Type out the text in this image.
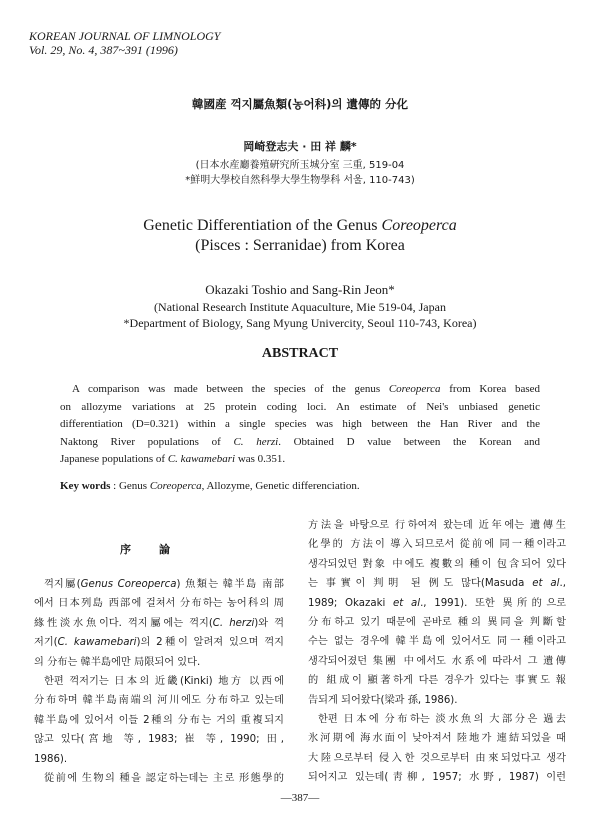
KOREAN JOURNAL OF LIMNOLOGY
Vol. 29, No. 4, 387~391 (1996)
韓國産 꺽지屬魚類(농어科)의 遺傳的 分化
岡崎登志夫 · 田 祥 麟*
(日本水産廳養殖硏究所玉城分室 三重, 519-04
*鮮明大學校自然科學大學生物學科 서울, 110-743)
Genetic Differentiation of the Genus Coreoperca
(Pisces : Serranidae) from Korea
Okazaki Toshio and Sang-Rin Jeon*
(National Research Institute Aquaculture, Mie 519-04, Japan
*Department of Biology, Sang Myung Univercity, Seoul 110-743, Korea)
ABSTRACT
A comparison was made between the species of the genus Coreoperca from Korea based
on allozyme variations at 25 protein coding loci. An estimate of Nei's unbiased genetic
differentiation (D=0.321) within a single species was high between the Han River and the
Naktong River populations of C. herzi. Obtained D value between the Korean and
Japanese populations of C. kawamebari was 0.351.
Key words : Genus Coreoperca, Allozyme, Genetic differenciation.
序論
꺽지屬(Genus Coreoperca) 魚類는 韓半島 南部
에서 日本列島 西部에 걸쳐서 分布하는 농어科의 周
緣性淡水魚이다. 꺽지屬에는 꺽지(C. herzi)와 꺽
저기(C. kawamebari)의 2種이 알려져 있으며 꺽지
의 分布는 韓半島에만 局限되어 있다.
한편 꺽저기는 日本의 近畿(Kinki) 地方 以西에
分布하며 韓半島南端의 河川에도 分布하고 있는데
韓半島에 있어서 이들 2種의 分布는 거의 重複되지
않고 있다(宮地 等, 1983; 崔 等, 1990; 田,
1986).
從前에 生物의 種을 認定하는데는 主로 形態學的
方法을 바탕으로 行하여져 왔는데 近年에는 遺傳生
化學的 方法이 導入되므로서 從前에 同一種이라고
생각되었던 對象 中에도 複數의 種이 包含되어 있다
는 事實이 判明 된 例도 많다(Masuda et al.,
1989; Okazaki et al., 1991). 또한 異所的으로
分布하고 있기 때문에 곧바로 種의 異同을 判斷할
수는 없는 경우에 韓半島에 있어서도 同一種이라고
생각되어졌던 集團 中에서도 水系에 따라서 그 遺傳
的 組成이 顯著하게 다른 경우가 있다는 事實도 報
告되게 되어왔다(梁과 孫, 1986).
한편 日本에 分布하는 淡水魚의 大部分은 過去
氷河期에 海水面이 낮아져서 陸地가 連結되었을 때
大陸으로부터 侵入한 것으로부터 由來되었다고 생각
되어지고 있는데(靑柳, 1957; 水野, 1987) 이런
—387—
